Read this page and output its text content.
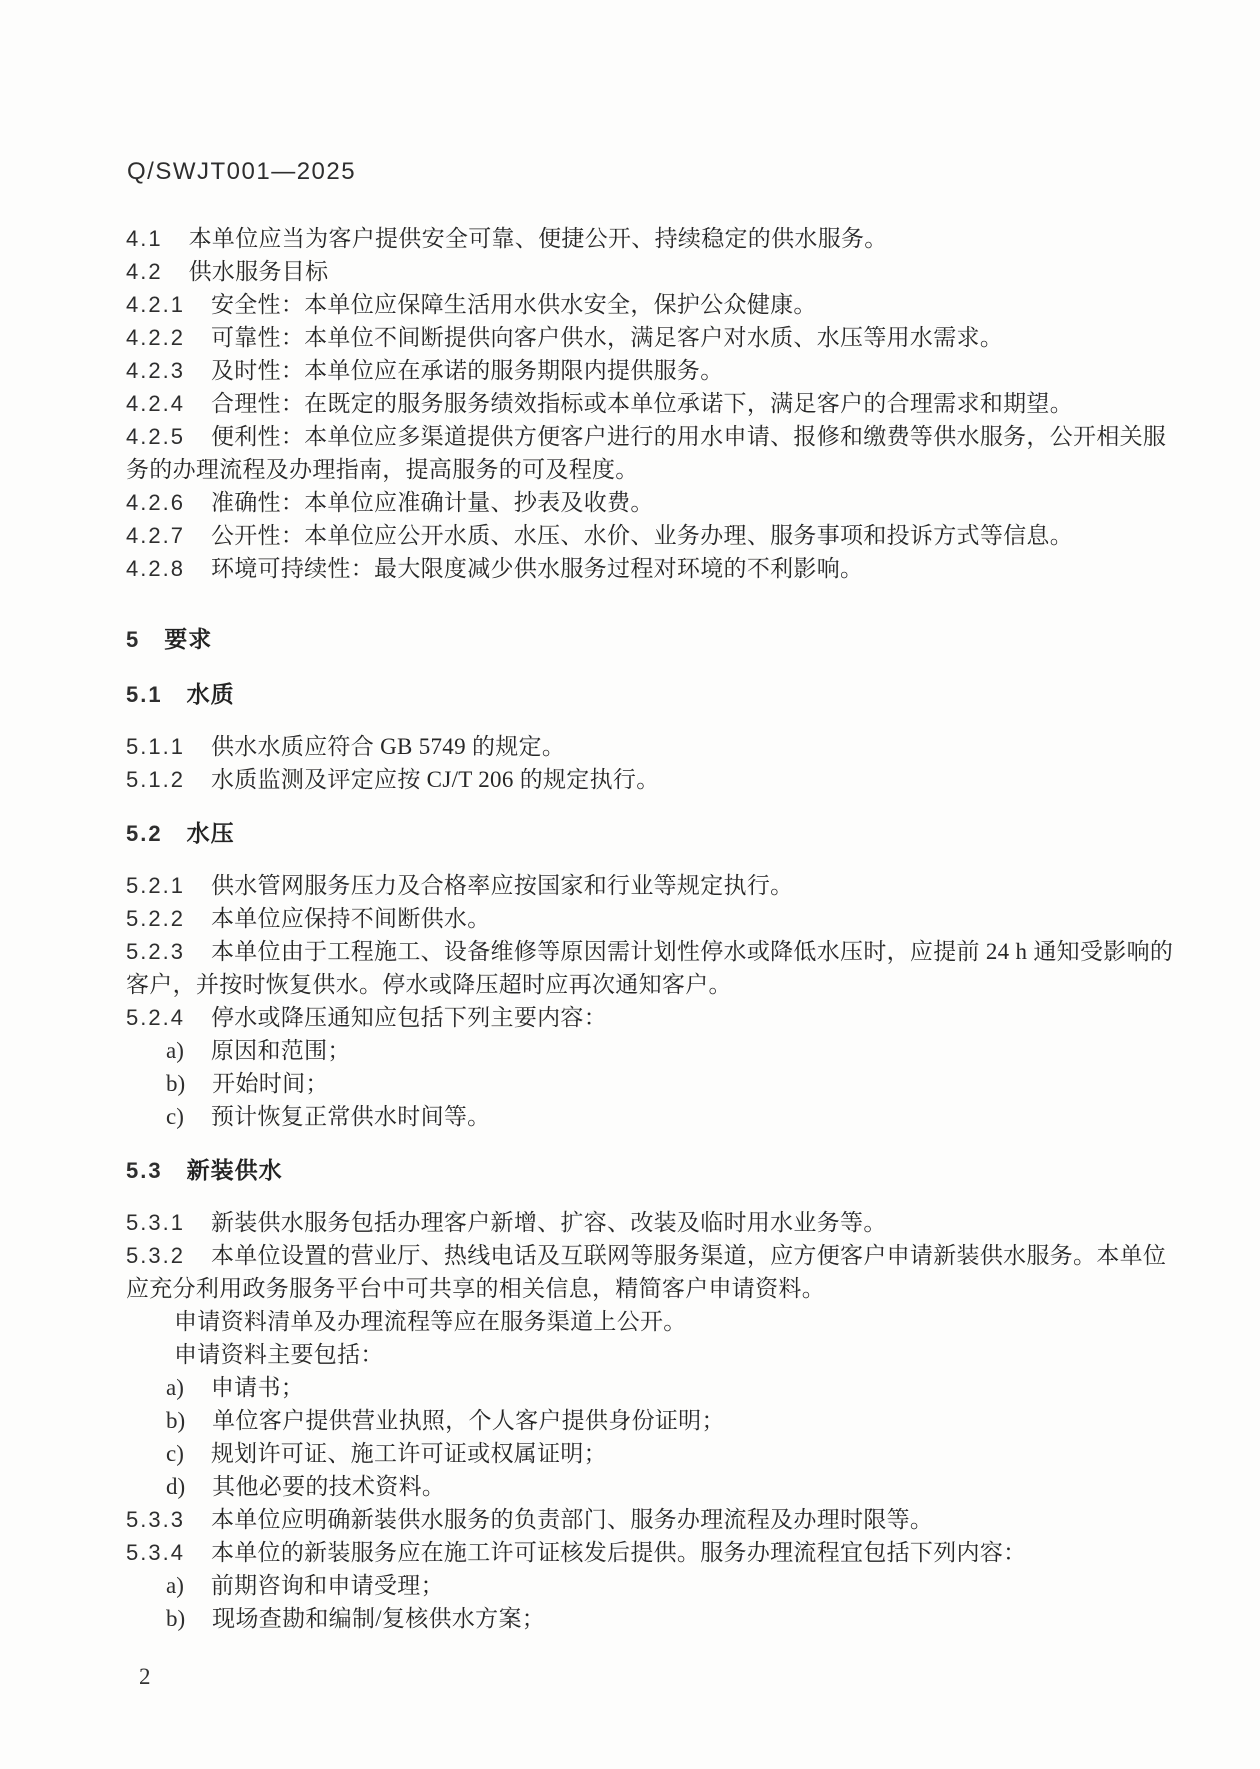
Q/SWJT001—2025
4.1 本单位应当为客户提供安全可靠、便捷公开、持续稳定的供水服务。
4.2 供水服务目标
4.2.1 安全性：本单位应保障生活用水供水安全，保护公众健康。
4.2.2 可靠性：本单位不间断提供向客户供水，满足客户对水质、水压等用水需求。
4.2.3 及时性：本单位应在承诺的服务期限内提供服务。
4.2.4 合理性：在既定的服务服务绩效指标或本单位承诺下，满足客户的合理需求和期望。
4.2.5 便利性：本单位应多渠道提供方便客户进行的用水申请、报修和缴费等供水服务，公开相关服
务的办理流程及办理指南，提高服务的可及程度。
4.2.6 准确性：本单位应准确计量、抄表及收费。
4.2.7 公开性：本单位应公开水质、水压、水价、业务办理、服务事项和投诉方式等信息。
4.2.8 环境可持续性：最大限度减少供水服务过程对环境的不利影响。
5 要求
5.1 水质
5.1.1 供水水质应符合 GB 5749 的规定。
5.1.2 水质监测及评定应按 CJ/T 206 的规定执行。
5.2 水压
5.2.1 供水管网服务压力及合格率应按国家和行业等规定执行。
5.2.2 本单位应保持不间断供水。
5.2.3 本单位由于工程施工、设备维修等原因需计划性停水或降低水压时，应提前 24 h 通知受影响的
客户，并按时恢复供水。停水或降压超时应再次通知客户。
5.2.4 停水或降压通知应包括下列主要内容：
a) 原因和范围；
b) 开始时间；
c) 预计恢复正常供水时间等。
5.3 新装供水
5.3.1 新装供水服务包括办理客户新增、扩容、改装及临时用水业务等。
5.3.2 本单位设置的营业厅、热线电话及互联网等服务渠道，应方便客户申请新装供水服务。本单位
应充分利用政务服务平台中可共享的相关信息，精简客户申请资料。
申请资料清单及办理流程等应在服务渠道上公开。
申请资料主要包括：
a) 申请书；
b) 单位客户提供营业执照，个人客户提供身份证明；
c) 规划许可证、施工许可证或权属证明；
d) 其他必要的技术资料。
5.3.3 本单位应明确新装供水服务的负责部门、服务办理流程及办理时限等。
5.3.4 本单位的新装服务应在施工许可证核发后提供。服务办理流程宜包括下列内容：
a) 前期咨询和申请受理；
b) 现场查勘和编制/复核供水方案；
2
